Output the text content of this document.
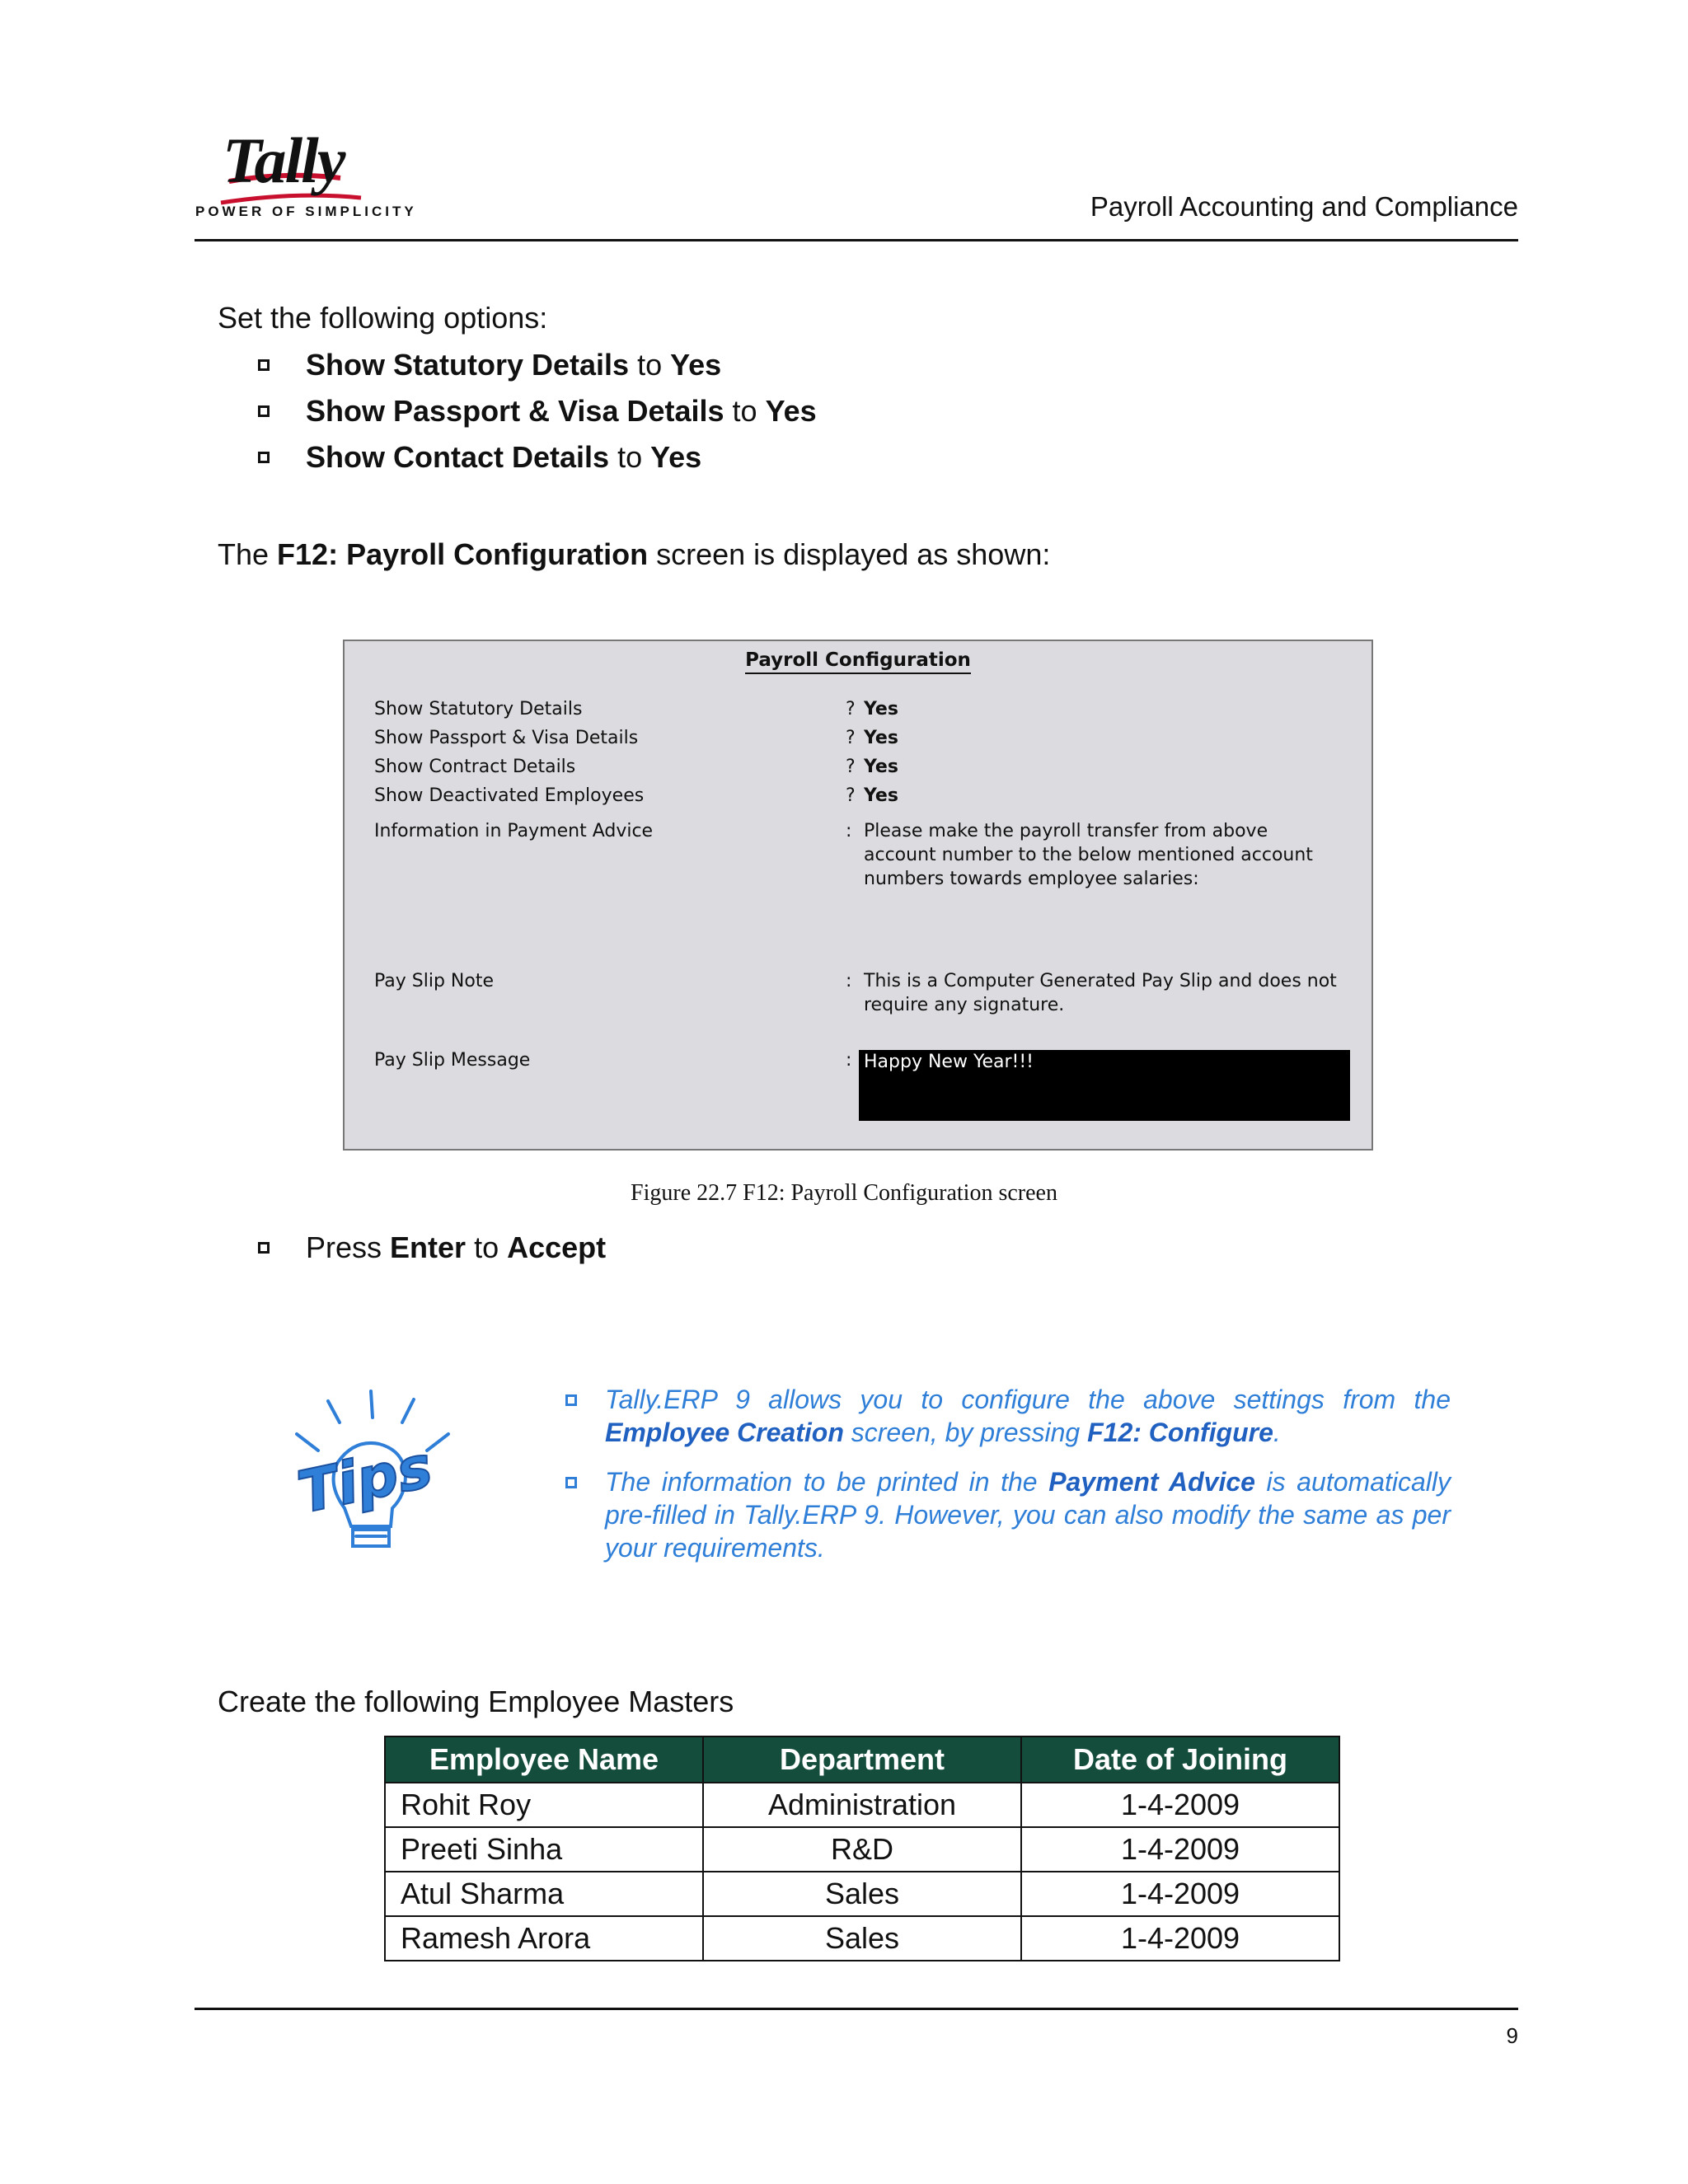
Tally
POWER OF SIMPLICITY	Payroll Accounting and Compliance
Set the following options:
Show Statutory Details to Yes
Show Passport & Visa Details to Yes
Show Contact Details to Yes
The F12: Payroll Configuration screen is displayed as shown:
Payroll Configuration
Show Statutory Details	? Yes
Show Passport & Visa Details	? Yes
Show Contract Details	? Yes
Show Deactivated Employees	? Yes
Information in Payment Advice	: Please make the payroll transfer from above account number to the below mentioned account numbers towards employee salaries:
Pay Slip Note	: This is a Computer Generated Pay Slip and does not require any signature.
Pay Slip Message	: Happy New Year!!!
Figure 22.7 F12: Payroll Configuration screen
Press Enter to Accept
Tips
Tally.ERP 9 allows you to configure the above settings from the Employee Creation screen, by pressing F12: Configure.
The information to be printed in the Payment Advice is automatically pre-filled in Tally.ERP 9. However, you can also modify the same as per your requirements.
Create the following Employee Masters
Employee Name	Department	Date of Joining
Rohit Roy	Administration	1-4-2009
Preeti Sinha	R&D	1-4-2009
Atul Sharma	Sales	1-4-2009
Ramesh Arora	Sales	1-4-2009
9
